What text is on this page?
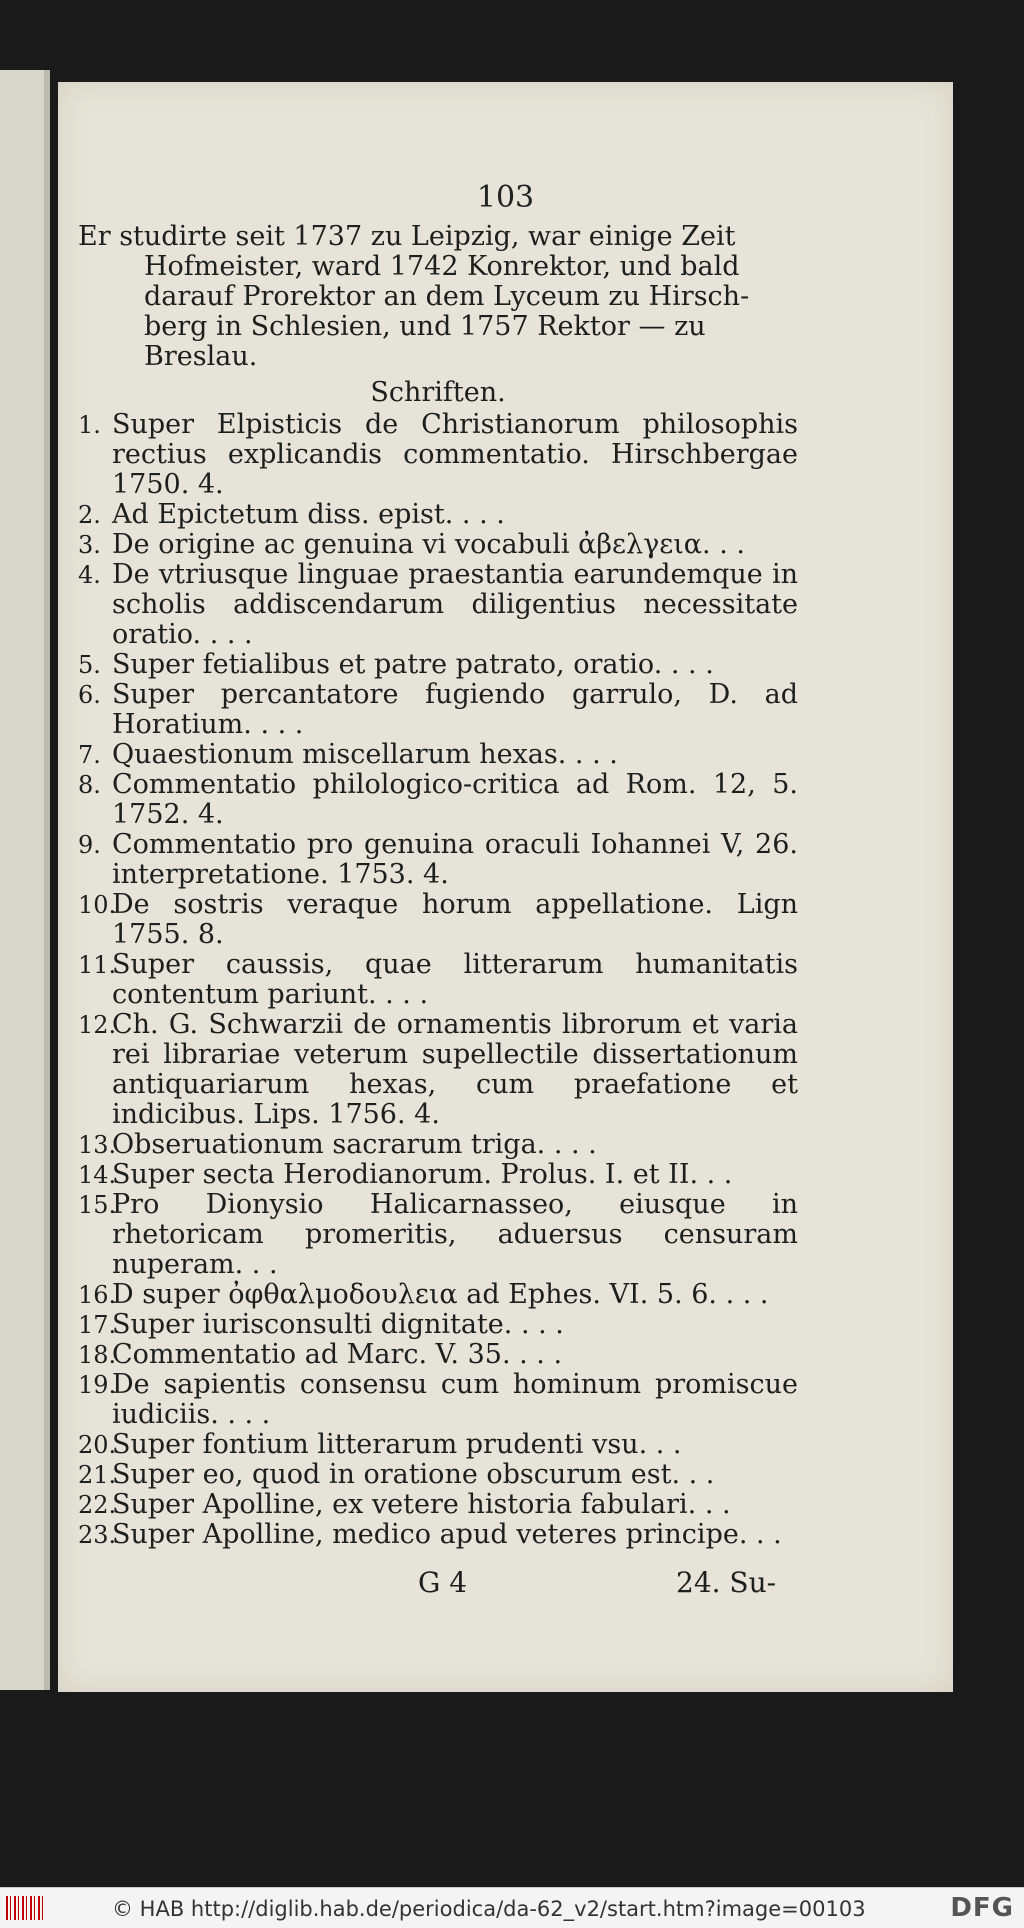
103

Er studirte seit 1737 zu Leipzig, war einige Zeit

Hofmeister, ward 1742 Konrektor, und bald

darauf Prorektor an dem Lyceum zu Hirsch-

berg in Schlesien, und 1757 Rektor — zu

Breslau.

Schriften.
1. Super Elpisticis de Christianorum philosophis rectius explicandis commentatio. Hirschbergae 1750. 4.
2. Ad Epictetum diss. epist. . . .
3. De origine ac genuina vi vocabuli ἀβελγεια. . .
4. De vtriusque linguae praestantia earundemque in scholis addiscendarum diligentius necessitate oratio. . . .
5. Super fetialibus et patre patrato, oratio. . . .
6. Super percantatore fugiendo garrulo, D. ad Horatium. . . .
7. Quaestionum miscellarum hexas. . . .
8. Commentatio philologico-critica ad Rom. 12, 5. 1752. 4.
9. Commentatio pro genuina oraculi Iohannei V, 26. interpretatione. 1753. 4.
10.
De sostris veraque horum appellatione. Lign 1755. 8.
11.
Super caussis, quae litterarum humanitatis contentum pariunt. . . .
12.
Ch. G. Schwarzii de ornamentis librorum et varia rei librariae veterum supellectile dissertationum antiquariarum hexas, cum praefatione et indicibus. Lips. 1756. 4.
13.
Obseruationum sacrarum triga. . . .
14.
Super secta Herodianorum. Prolus. I. et II. . .
15.
Pro Dionysio Halicarnasseo, eiusque in rhetoricam promeritis, aduersus censuram nuperam. . .
16.
D super ὀφθαλμοδουλεια ad Ephes. VI. 5. 6. . . .
17.
Super iurisconsulti dignitate. . . .
18.
Commentatio ad Marc. V. 35. . . .
19.
De sapientis consensu cum hominum promiscue iudiciis. . . .
20.
Super fontium litterarum prudenti vsu. . .
21.
Super eo, quod in oratione obscurum est. . .
22.
Super Apolline, ex vetere historia fabulari. . .
23.
Super Apolline, medico apud veteres principe. . .
G 4	24. Su-
© HAB http://diglib.hab.de/periodica/da-62_v2/start.htm?image=00103	DFG
